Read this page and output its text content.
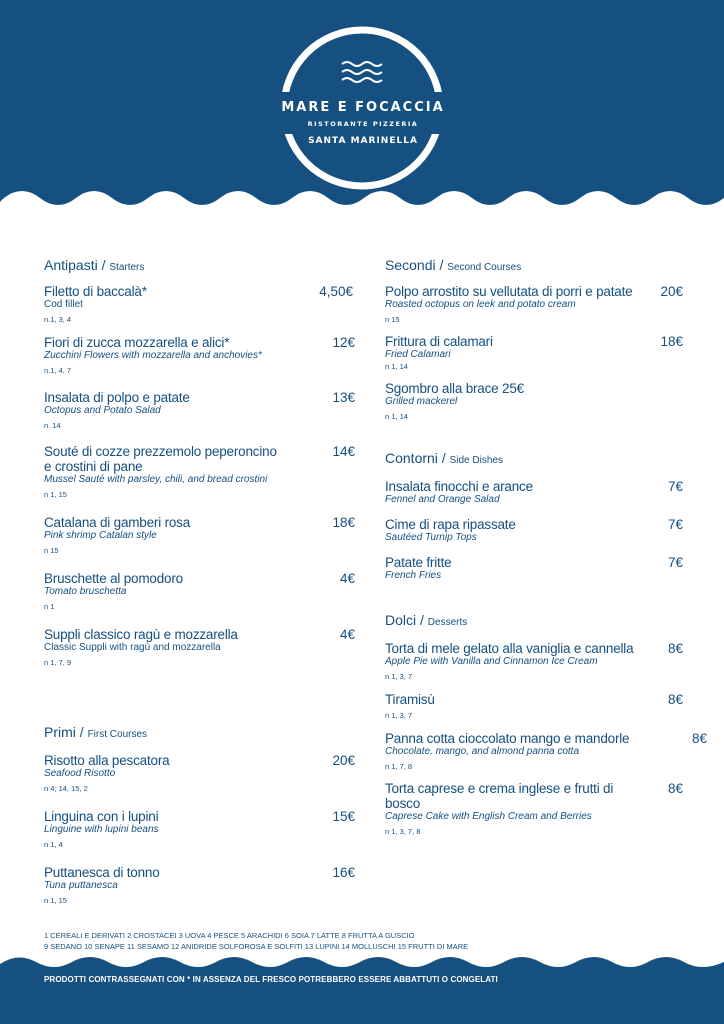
MARE E FOCACCIA
RISTORANTE PIZZERIA
SANTA MARINELLA
Antipasti / Starters
Filetto di baccalà*
Cod fillet
n.1, 3, 4
4,50€
Fiori di zucca mozzarella e alici*
Zucchini Flowers with mozzarella and anchovies*
n.1, 4, 7
12€
Insalata di polpo e patate
Octopus and Potato Salad
n. 14
13€
Souté di cozze prezzemolo peperoncino
e crostini di pane
Mussel Sauté with parsley, chili, and bread crostini
n 1, 15
14€
Catalana di gamberi rosa
Pink shrimp Catalan style
n 15
18€
Bruschette al pomodoro
Tomato bruschetta
n 1
4€
Suppli classico ragù e mozzarella
Classic Suppli with ragù and mozzarella
n 1, 7, 9
4€
Primi / First Courses
Risotto alla pescatora
Seafood Risotto
n 4; 14, 15, 2
20€
Linguina con i lupini
Linguine with lupini beans
n 1, 4
15€
Puttanesca di tonno
Tuna puttanesca
n 1, 15
16€
Secondi / Second Courses
Polpo arrostito su vellutata di porri e patate
Roasted octopus on leek and potato cream
n 15
20€
Frittura di calamari
Fried Calamari
n 1, 14
18€
Sgombro alla brace 25€
Grilled mackerel
n 1, 14
Contorni / Side Dishes
Insalata finocchi e arance
Fennel and Orange Salad
7€
Cime di rapa ripassate
Sautéed Turnip Tops
7€
Patate fritte
French Fries
7€
Dolci / Desserts
Torta di mele gelato alla vaniglia e cannella
Apple Pie with Vanilla and Cinnamon Ice Cream
n 1, 3, 7
8€
Tiramisù
n 1, 3, 7
8€
Panna cotta cioccolato mango e mandorle
Chocolate, mango, and almond panna cotta
n 1, 7, 8
8€
Torta caprese e crema inglese e frutti di bosco
Caprese Cake with English Cream and Berries
n 1, 3, 7, 8
8€
1 CEREALI E DERIVATI 2 CROSTACEI 3 UOVA 4 PESCE 5 ARACHIDI 6 SOIA 7 LATTE 8 FRUTTA A GUSCIO
9 SEDANO 10 SENAPE 11 SESAMO 12 ANIDRIDE SOLFOROSA E SOLFITI 13 LUPINI 14 MOLLUSCHI 15 FRUTTI DI MARE
PRODOTTI CONTRASSEGNATI CON * IN ASSENZA DEL FRESCO POTREBBERO ESSERE ABBATTUTI O CONGELATI
